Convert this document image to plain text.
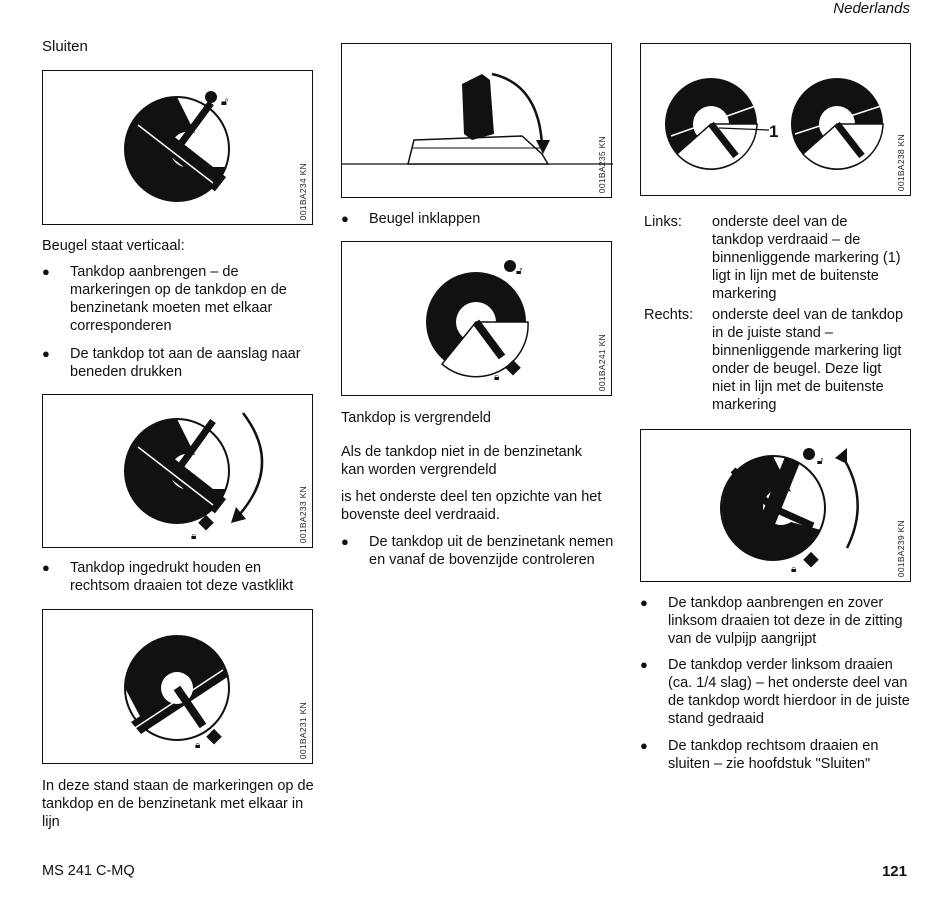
Nederlands
Sluiten
🔓︎
001BA234 KN
Beugel staat verticaal:
● Tankdop aanbrengen – de markeringen op de tankdop en de benzinetank moeten met elkaar corresponderen
● De tankdop tot aan de aanslag naar beneden drukken
🔒︎	001BA233 KN
● Tankdop ingedrukt houden en rechtsom draaien tot deze vastklikt
🔒︎	001BA231 KN
In deze stand staan de markeringen op de tankdop en de benzinetank met elkaar in lijn
001BA235 KN
● Beugel inklappen
🔓︎
🔒︎	001BA241 KN
Tankdop is vergrendeld
Als de tankdop niet in de benzinetank kan worden vergrendeld
is het onderste deel ten opzichte van het bovenste deel verdraaid.
● De tankdop uit de benzinetank nemen en vanaf de bovenzijde controleren
1
001BA238 KN
Links: onderste deel van de tankdop verdraaid – de binnenliggende markering (1) ligt in lijn met de buitenste markering
Rechts: onderste deel van de tankdop in de juiste stand – binnenliggende markering ligt onder de beugel. Deze ligt niet in lijn met de buitenste markering
🔓︎
🔒︎	001BA239 KN
● De tankdop aanbrengen en zover linksom draaien tot deze in de zitting van de vulpijp aangrijpt
● De tankdop verder linksom draaien (ca. 1/4 slag) – het onderste deel van de tankdop wordt hierdoor in de juiste stand gedraaid
● De tankdop rechtsom draaien en sluiten – zie hoofdstuk "Sluiten"
MS 241 C-MQ	121
